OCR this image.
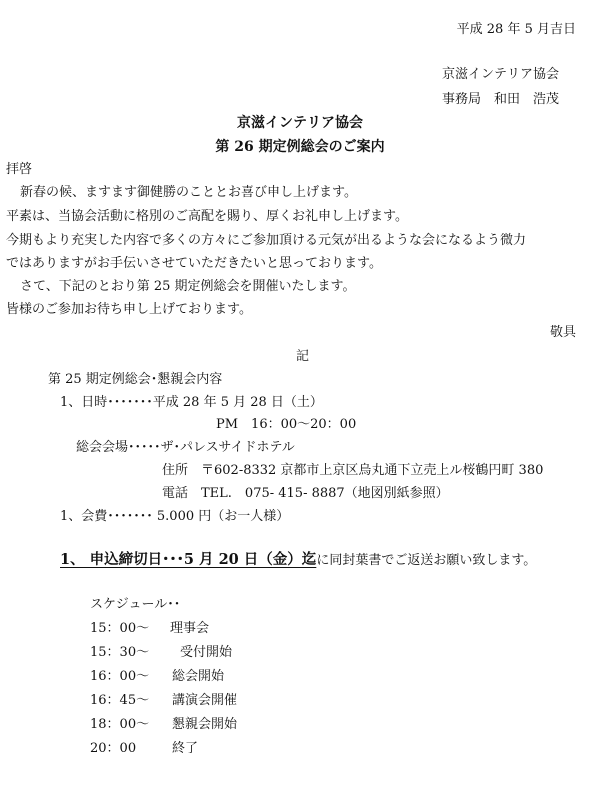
平成 28 年 5 月吉日
京滋インテリア協会
事務局　和田　浩茂
京滋インテリア協会
第 26 期定例総会のご案内
拝啓
新春の候、ますます御健勝のこととお喜び申し上げます。
平素は、当協会活動に格別のご高配を賜り、厚くお礼申し上げます。
今期もより充実した内容で多くの方々にご参加頂ける元気が出るような会になるよう微力
ではありますがお手伝いさせていただきたいと思っております。
さて、下記のとおり第 25 期定例総会を開催いたします。
皆様のご参加お待ち申し上げております。
敬具
記
第 25 期定例総会･懇親会内容
1、日時･･･････平成 28 年 5 月 28 日（土）
PM　16：00～20：00
総会会場･････ザ･パレスサイドホテル
住所　〒602-8332 京都市上京区烏丸通下立売上ル桜鶴円町 380
電話　TEL.　075- 415- 8887（地図別紙参照）
1、会費･･･････ 5.000 円（お一人様）
1、 申込締切日･･･5 月 20 日（金）迄に同封葉書でご返送お願い致します。
スケジュール･･
15：00～ 理事会
15：30～ 受付開始
16：00～ 総会開始
16：45～ 講演会開催
18：00～ 懇親会開始
20：00	終了
